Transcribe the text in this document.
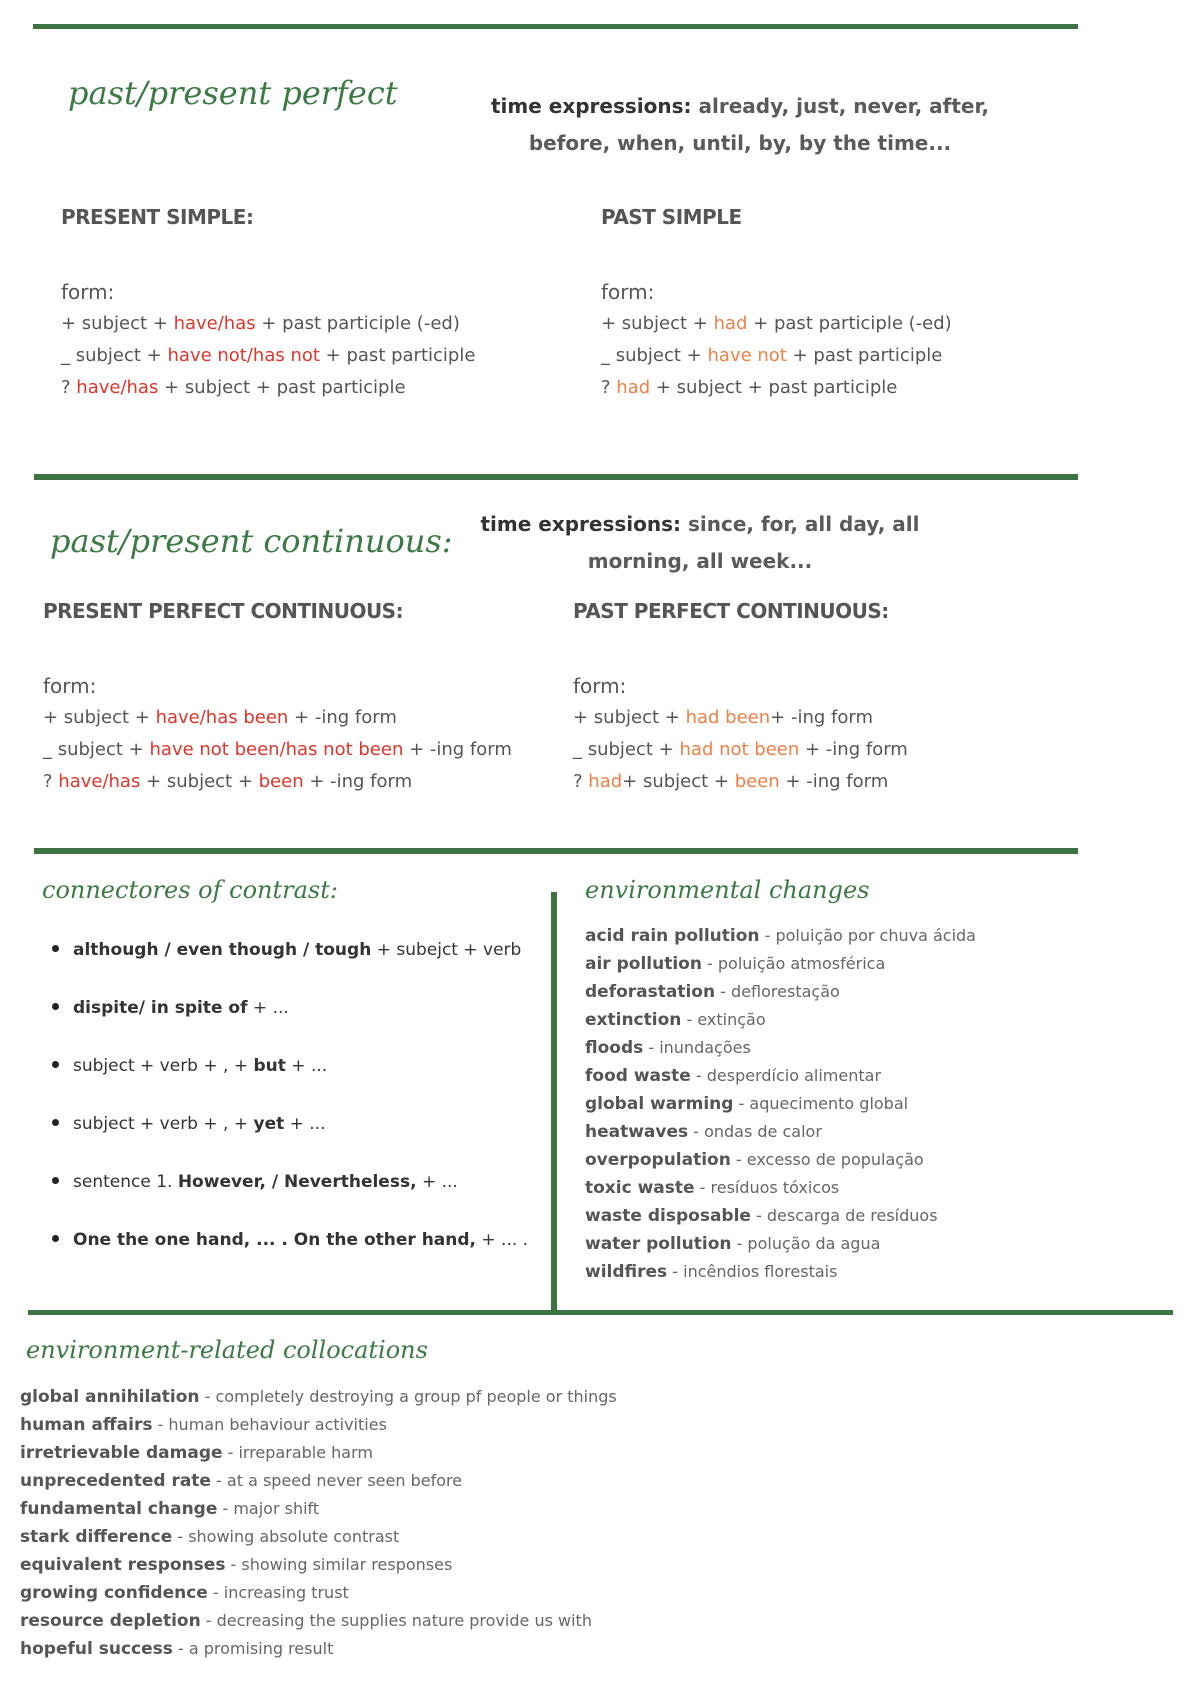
past/present perfect	time expressions: already, just, never, after, before, when, until, by, by the time...
PRESENT SIMPLE:
form:
+ subject + have/has + past participle (-ed)
_ subject + have not/has not + past participle
? have/has + subject + past participle
PAST SIMPLE
form:
+ subject + had + past participle (-ed)
_ subject + have not + past participle
? had + subject + past participle
past/present continuous: time expressions: since, for, all day, all morning, all week...
PRESENT PERFECT CONTINUOUS:
form:
+ subject + have/has been + -ing form
_ subject + have not been/has not been + -ing form
? have/has + subject + been + -ing form
PAST PERFECT CONTINUOUS:
form:
+ subject + had been+ -ing form
_ subject + had not been + -ing form
? had+ subject + been + -ing form
connectores of contrast:
although / even though / tough + subejct + verb
dispite/ in spite of + ...
subject + verb + , + but + ...
subject + verb + , + yet + ...
sentence 1. However, / Nevertheless, + ...
One the one hand, ... . On the other hand, + ... .
environmental changes
acid rain pollution - poluição por chuva ácida
air pollution - poluição atmosférica
deforastation - deflorestação
extinction - extinção
floods - inundações
food waste - desperdício alimentar
global warming - aquecimento global
heatwaves - ondas de calor
overpopulation - excesso de população
toxic waste - resíduos tóxicos
waste disposable - descarga de resíduos
water pollution - polução da agua
wildfires - incêndios florestais
environment-related collocations
global annihilation - completely destroying a group pf people or things
human affairs - human behaviour activities
irretrievable damage - irreparable harm
unprecedented rate - at a speed never seen before
fundamental change - major shift
stark difference - showing absolute contrast
equivalent responses - showing similar responses
growing confidence - increasing trust
resource depletion - decreasing the supplies nature provide us with
hopeful success - a promising result
